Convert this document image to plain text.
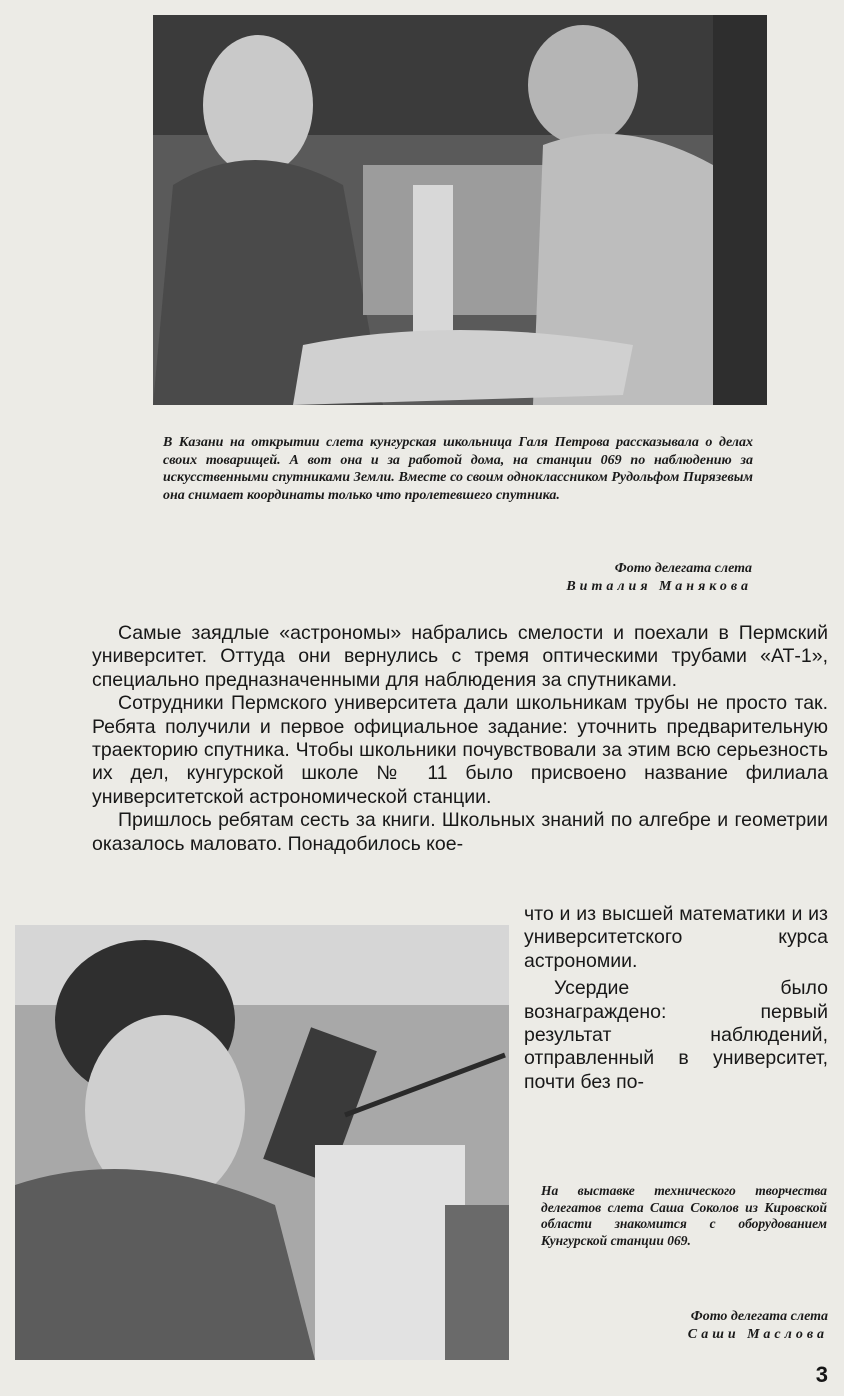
В Казани на открытии слета кунгурская школьница Галя Петрова рассказывала о делах своих товарищей. А вот она и за работой дома, на станции 069 по наблюдению за искусственными спутниками Земли. Вместе со своим одноклассником Рудольфом Пирязевым она снимает координаты только что пролетевшего спутника.

Фото делегата слета
Виталия Манякова

Самые заядлые «астрономы» набрались смелости и поехали в Пермский университет. Оттуда они вернулись с тремя оптическими трубами «АТ-1», специально предназначенными для наблюдения за спутниками.

Сотрудники Пермского университета дали школьникам трубы не просто так. Ребята получили и первое официальное задание: уточнить предварительную траекторию спутника. Чтобы школьники почувствовали за этим всю серьезность их дел, кунгурской школе № 11 было присвоено название филиала университетской астрономической станции.

Пришлось ребятам сесть за книги. Школьных знаний по алгебре и геометрии оказалось маловато. Понадобилось кое-

что и из высшей математики и из университетского курса астрономии.

Усердие было вознаграждено: первый результат наблюдений, отправленный в университет, почти без по-

На выставке технического творчества делегатов слета Саша Соколов из Кировской области знакомится с оборудованием Кунгурской станции 069.

Фото делегата слета
Саши Маслова
3
